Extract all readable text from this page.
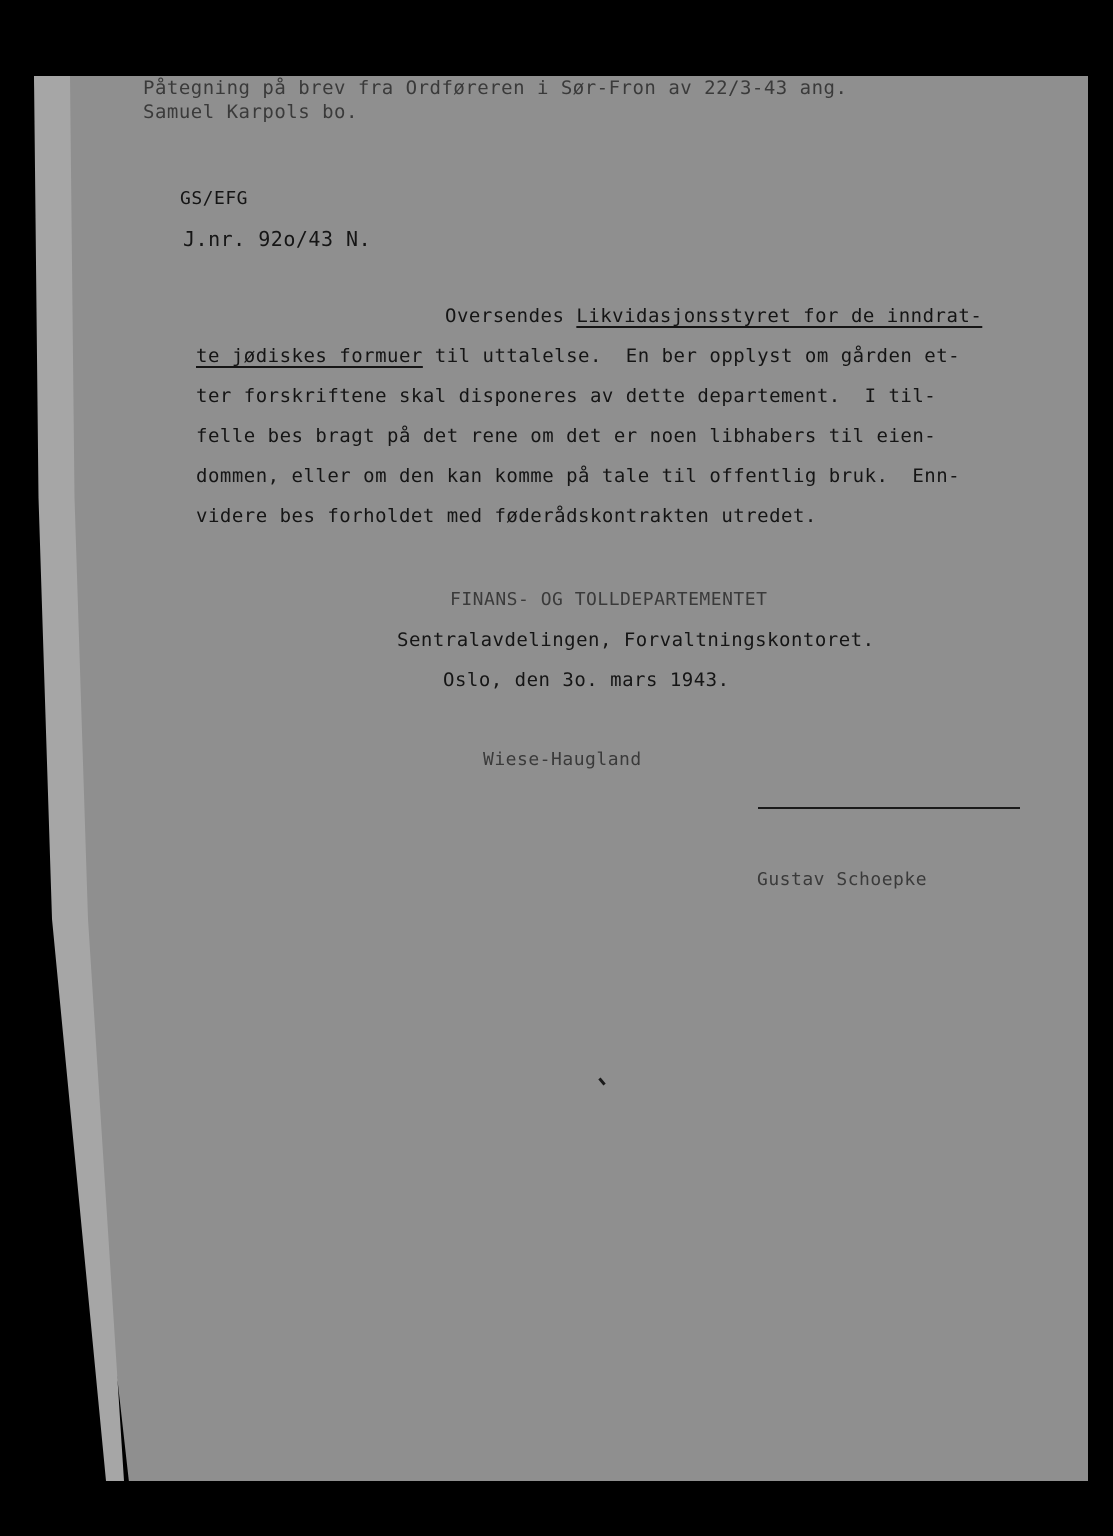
Påtegning på brev fra Ordføreren i Sør-Fron av 22/3-43 ang.
Samuel Karpols bo.
GS/EFG
J.nr. 92o/43 N.
Oversendes Likvidasjonsstyret for de inndrat-
te jødiskes formuer til uttalelse.  En ber opplyst om gården et-
ter forskriftene skal disponeres av dette departement.  I til-
felle bes bragt på det rene om det er noen libhabers til eien-
dommen, eller om den kan komme på tale til offentlig bruk.  Enn-
videre bes forholdet med føderådskontrakten utredet.
FINANS- OG TOLLDEPARTEMENTET
Sentralavdelingen, Forvaltningskontoret.
Oslo, den 3o. mars 1943.
Wiese-Haugland
Gustav Schoepke
